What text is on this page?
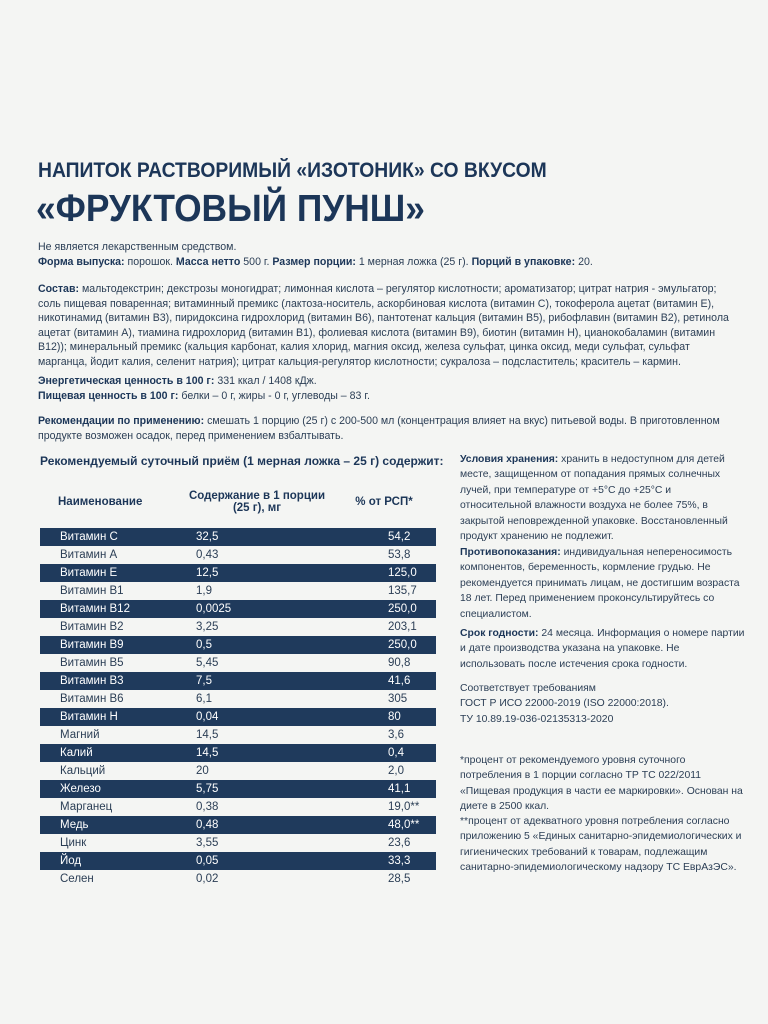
НАПИТОК РАСТВОРИМЫЙ «ИЗОТОНИК» СО ВКУСОМ
«ФРУКТОВЫЙ ПУНШ»
Не является лекарственным средством.
Форма выпуска: порошок. Масса нетто 500 г. Размер порции: 1 мерная ложка (25 г). Порций в упаковке: 20.
Состав: мальтодекстрин; декстрозы моногидрат; лимонная кислота – регулятор кислотности; ароматизатор; цитрат натрия - эмульгатор; соль пищевая поваренная; витаминный премикс (лактоза-носитель, аскорбиновая кислота (витамин С), токоферола ацетат (витамин Е), никотинамид (витамин В3), пиридоксина гидрохлорид (витамин В6), пантотенат кальция (витамин В5), рибофлавин (витамин В2), ретинола ацетат (витамин А), тиамина гидрохлорид (витамин В1), фолиевая кислота (витамин В9), биотин (витамин Н), цианокобаламин (витамин В12)); минеральный премикс (кальция карбонат, калия хлорид, магния оксид, железа сульфат, цинка оксид, меди сульфат, сульфат марганца, йодит калия, селенит натрия); цитрат кальция-регулятор кислотности; сукралоза – подсластитель; краситель – кармин.
Энергетическая ценность в 100 г: 331 ккал / 1408 кДж.
Пищевая ценность в 100 г: белки – 0 г, жиры - 0 г, углеводы – 83 г.
Рекомендации по применению: смешать 1 порцию (25 г) с 200-500 мл (концентрация влияет на вкус) питьевой воды. В приготовленном продукте возможен осадок, перед применением взбалтывать.
Рекомендуемый суточный приём (1 мерная ложка – 25 г) содержит:
Наименование	Содержание в 1 порции (25 г), мг	% от РСП*
Витамин С	32,5	54,2
Витамин А	0,43	53,8
Витамин Е	12,5	125,0
Витамин В1	1,9	135,7
Витамин В12	0,0025	250,0
Витамин В2	3,25	203,1
Витамин В9	0,5	250,0
Витамин В5	5,45	90,8
Витамин В3	7,5	41,6
Витамин В6	6,1	305
Витамин Н	0,04	80
Магний	14,5	3,6
Калий	14,5	0,4
Кальций	20	2,0
Железо	5,75	41,1
Марганец	0,38	19,0**
Медь	0,48	48,0**
Цинк	3,55	23,6
Йод	0,05	33,3
Селен	0,02	28,5
Условия хранения: хранить в недоступном для детей месте, защищенном от попадания прямых солнечных лучей, при температуре от +5°С до +25°С и относительной влажности воздуха не более 75%, в закрытой неповрежденной упаковке. Восстановленный продукт хранению не подлежит.
Противопоказания: индивидуальная непереносимость компонентов, беременность, кормление грудью. Не рекомендуется принимать лицам, не достигшим возраста 18 лет. Перед применением проконсультируйтесь со специалистом.
Срок годности: 24 месяца. Информация о номере партии и дате производства указана на упаковке. Не использовать после истечения срока годности.
Соответствует требованиям
ГОСТ Р ИСО 22000-2019 (ISO 22000:2018).
ТУ 10.89.19-036-02135313-2020
*процент от рекомендуемого уровня суточного потребления в 1 порции согласно ТР ТС 022/2011 «Пищевая продукция в части ее маркировки». Основан на диете в 2500 ккал.
**процент от адекватного уровня потребления согласно приложению 5 «Единых санитарно-эпидемиологических и гигиенических требований к товарам, подлежащим санитарно-эпидемиологическому надзору ТС ЕврАзЭС».
